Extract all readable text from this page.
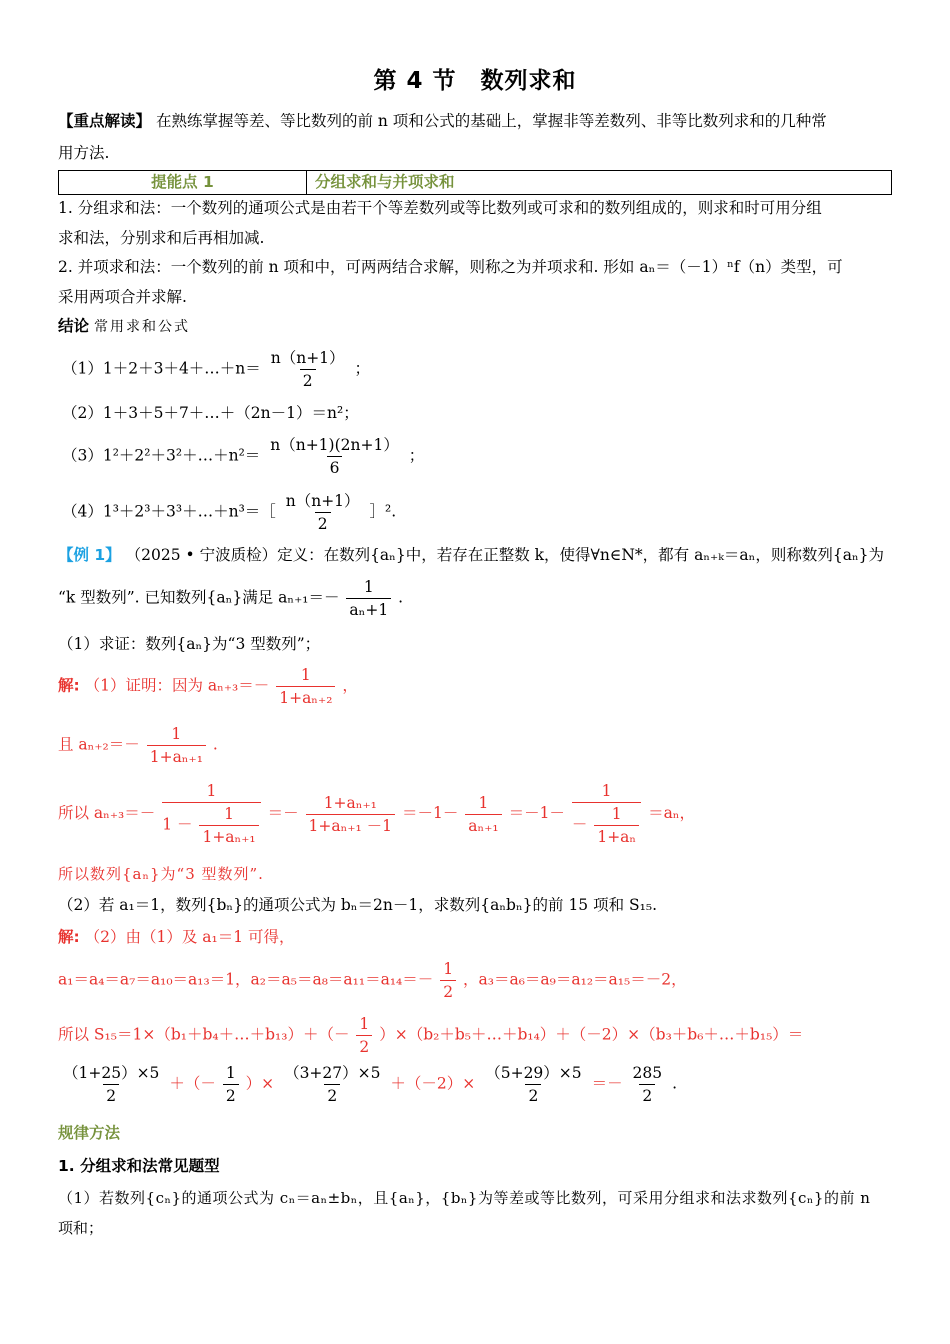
第 4 节　数列求和
【重点解读】 在熟练掌握等差、等比数列的前 n 项和公式的基础上，掌握非等差数列、非等比数列求和的几种常
用方法.
提能点 1	分组求和与并项求和
1. 分组求和法：一个数列的通项公式是由若干个等差数列或等比数列或可求和的数列组成的，则求和时可用分组
求和法，分别求和后再相加减.
2. 并项求和法：一个数列的前 n 项和中，可两两结合求解，则称之为并项求和. 形如 aₙ＝（－1）ⁿf（n）类型，可
采用两项合并求解.
结论 常用求和公式
（1）1＋2＋3＋4＋…＋n＝ $\frac{n(n+1)}{2}$ ；
（2）1＋3＋5＋7＋…＋（2n－1）＝n²；
（3）1²＋2²＋3²＋…＋n²＝ $\frac{n(n+1)(2n+1)}{6}$ ；
（4）1³＋2³＋3³＋…＋n³＝［ $\frac{n(n+1)}{2}$ ］².
【例 1】 （2025 • 宁波质检）定义：在数列{aₙ}中，若存在正整数 k，使得∀n∈N*，都有 aₙ₊ₖ＝aₙ，则称数列{aₙ}为
“k 型数列”. 已知数列{aₙ}满足 $a_{n+1}=- \frac{1}{\text{aₙ+1}}$ .
（1）求证：数列{aₙ}为“3 型数列”；
解: （1）证明：因为 $a_{n+3}=- \frac{1}{\text{1+aₙ₊₂}}$ ，
且 $a_{n+2}=- \frac{1}{\text{1+aₙ₊₁}}$ .
所以 $a_{n+3}=- \frac{1}{1 - \frac{1}{\text{1+aₙ₊₁}}} =- \frac{\text{1+aₙ₊₁}}{\text{1+aₙ₊₁ －1}} =-1- \frac{1}{\text{aₙ₊₁}} =-1- \frac{1}{- \frac{1}{\text{1+aₙ}}} =a_n$，
所以数列{aₙ}为“3 型数列”.
（2）若 a₁＝1，数列{bₙ}的通项公式为 bₙ＝2n－1，求数列{aₙbₙ}的前 15 项和 S₁₅.
解: （2）由（1）及 a₁＝1 可得，
a₁＝a₄＝a₇＝a₁₀＝a₁₃＝1，$a_2=a_5=a_8=a_{11}=a_{14}=- \frac{1}{2}$ ，a₃＝a₆＝a₉＝a₁₂＝a₁₅＝－2，
所以 S₁₅＝1×（b₁＋b₄＋…＋b₁₃）＋（－ $\frac{1}{2}$ ）×（b₂＋b₅＋…＋b₁₄）＋（－2）×（b₃＋b₆＋…＋b₁₅）＝
$\frac{(1+25)\times 5}{2}$ ＋（－ $\frac{1}{2}$ ）× $\frac{(3+27)\times 5}{2} +(-2)\times \frac{(5+29)\times 5}{2} =- \frac{285}{2}$ .
规律方法
1. 分组求和法常见题型
（1）若数列{cₙ}的通项公式为 cₙ＝aₙ±bₙ，且{aₙ}，{bₙ}为等差或等比数列，可采用分组求和法求数列{cₙ}的前 n
项和；
